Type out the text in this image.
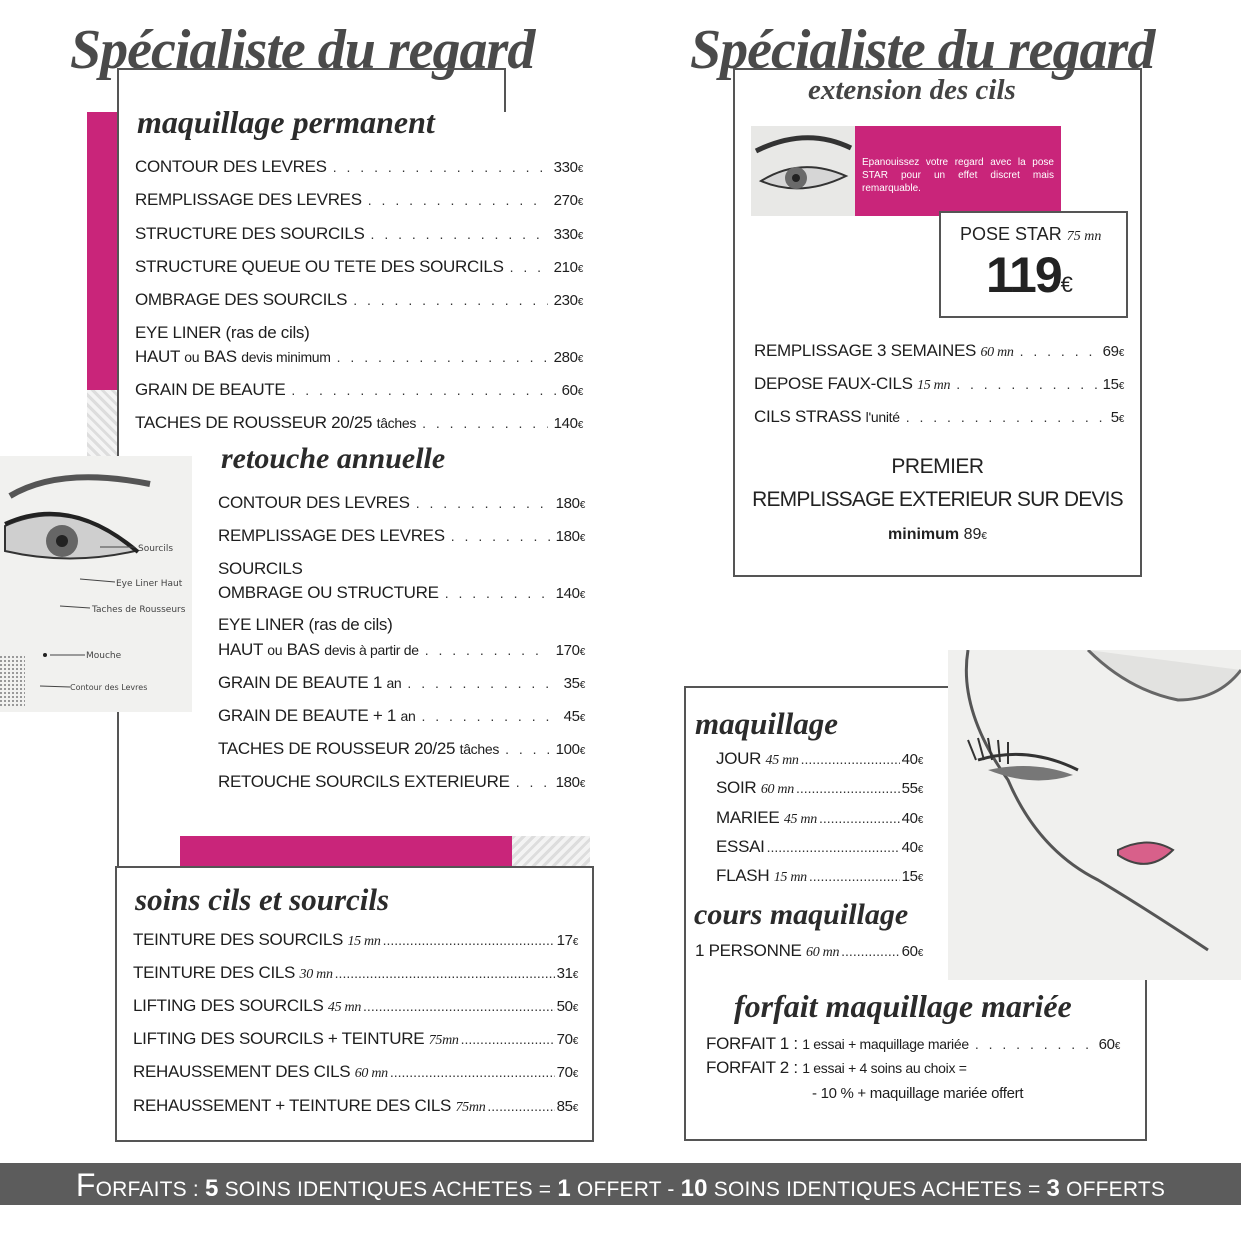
Spécialiste du regard
maquillage permanent
CONTOUR DES LEVRES . . .	330 €
REMPLISSAGE DES LEVRES . . .	270 €
STRUCTURE DES SOURCILS . . .	330 €
STRUCTURE QUEUE OU TETE DES SOURCILS . . .	210 €
OMBRAGE DES SOURCILS . . .	230 €
EYE LINER (ras de cils)
HAUT ou BAS devis minimum . . .	280 €
GRAIN DE BEAUTE . . .	60 €
TACHES DE ROUSSEUR 20/25 tâches . . .	140 €
Sourcils
Eye Liner Haut
Taches de Rousseurs
Mouche
Contour des Levres
retouche annuelle
CONTOUR DES LEVRES . . .	180 €
REMPLISSAGE DES LEVRES . . .	180 €
SOURCILS
OMBRAGE OU STRUCTURE . . .	140 €
EYE LINER (ras de cils)
HAUT ou BAS devis à partir de . . .	170 €
GRAIN DE BEAUTE 1 an . . .	35 €
GRAIN DE BEAUTE + 1 an . . .	45 €
TACHES DE ROUSSEUR 20/25 tâches . . .	100 €
RETOUCHE SOURCILS EXTERIEURE . . .	180 €
soins cils et sourcils
TEINTURE DES SOURCILS 15 mn .....	17 €
TEINTURE DES CILS 30 mn .....	31 €
LIFTING DES SOURCILS 45 mn .....	50 €
LIFTING DES SOURCILS + TEINTURE 75mn .....	70 €
REHAUSSEMENT DES CILS 60 mn .....	70 €
REHAUSSEMENT + TEINTURE DES CILS 75mn .....	85 €
Spécialiste du regard
extension des cils
Epanouissez votre regard avec la pose STAR pour un effet discret mais remarquable.
POSE STAR 75 mn
119€
REMPLISSAGE 3 SEMAINES 60 mn . . .	69 €
DEPOSE FAUX-CILS 15 mn . . .	15 €
CILS STRASS l'unité . . .	5 €
PREMIER
REMPLISSAGE EXTERIEUR SUR DEVIS
minimum 89€
maquillage
JOUR 45 mn .....	40 €
SOIR 60 mn .....	55 €
MARIEE 45 mn .....	40 €
ESSAI .....	40 €
FLASH 15 mn .....	15 €
cours maquillage
1 PERSONNE 60 mn .....	60 €
forfait maquillage mariée
FORFAIT 1 : 1 essai + maquillage mariée . . .	60 €
FORFAIT 2 : 1 essai + 4 soins au choix =
- 10 % + maquillage mariée offert
FORFAITS : 5 SOINS IDENTIQUES ACHETES = 1 OFFERT - 10 SOINS IDENTIQUES ACHETES = 3 OFFERTS
